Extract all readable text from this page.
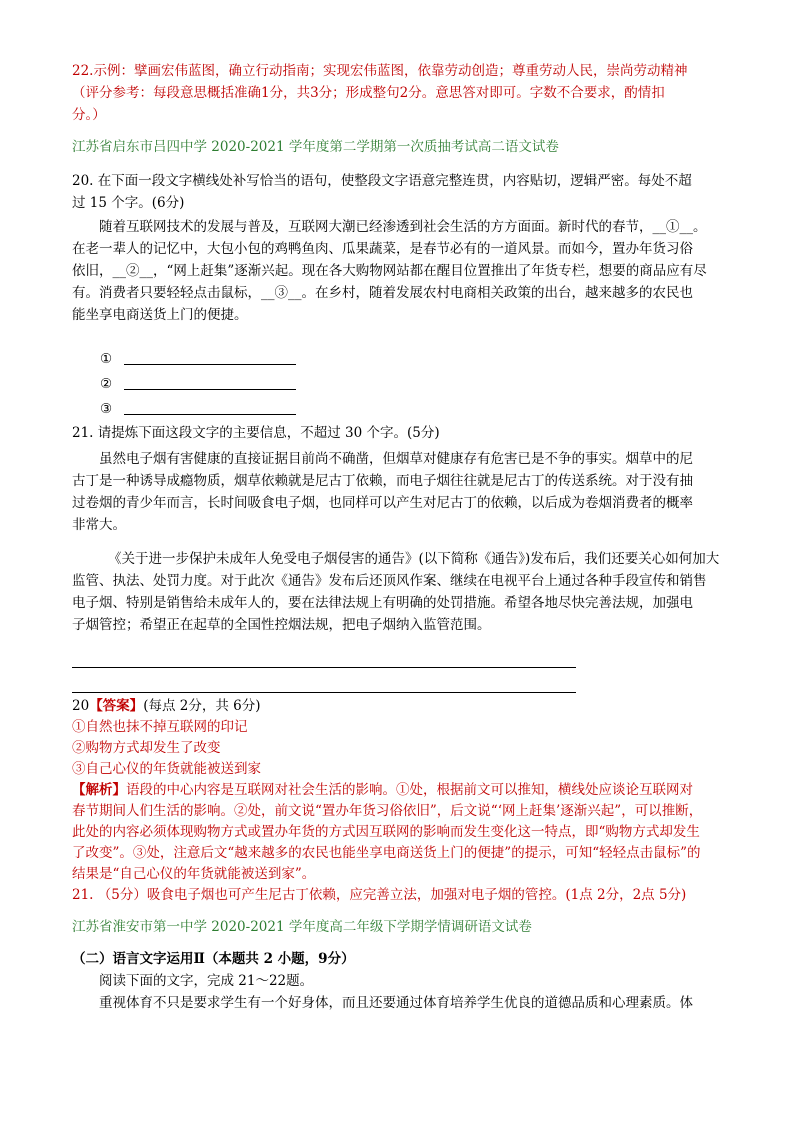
22.示例：擘画宏伟蓝图，确立行动指南；实现宏伟蓝图，依靠劳动创造；尊重劳动人民，崇尚劳动精神
（评分参考：每段意思概括准确1分，共3分；形成整句2分。意思答对即可。字数不合要求，酌情扣
分。）
江苏省启东市吕四中学 2020-2021 学年度第二学期第一次质抽考试高二语文试卷
20. 在下面一段文字横线处补写恰当的语句，使整段文字语意完整连贯，内容贴切，逻辑严密。每处不超
过 15 个字。(6分)
随着互联网技术的发展与普及，互联网大潮已经渗透到社会生活的方方面面。新时代的春节，__①__。
在老一辈人的记忆中，大包小包的鸡鸭鱼肉、瓜果蔬菜，是春节必有的一道风景。而如今，置办年货习俗
依旧，__②__，“网上赶集”逐渐兴起。现在各大购物网站都在醒目位置推出了年货专栏，想要的商品应有尽
有。消费者只要轻轻点击鼠标，__③__。在乡村，随着发展农村电商相关政策的出台，越来越多的农民也
能坐享电商送货上门的便捷。
①
②
③
21. 请提炼下面这段文字的主要信息，不超过 30 个字。(5分)
虽然电子烟有害健康的直接证据目前尚不确凿，但烟草对健康存有危害已是不争的事实。烟草中的尼
古丁是一种诱导成瘾物质，烟草依赖就是尼古丁依赖，而电子烟往往就是尼古丁的传送系统。对于没有抽
过卷烟的青少年而言，长时间吸食电子烟，也同样可以产生对尼古丁的依赖，以后成为卷烟消费者的概率
非常大。
《关于进一步保护未成年人免受电子烟侵害的通告》(以下简称《通告》)发布后，我们还要关心如何加大
监管、执法、处罚力度。对于此次《通告》发布后还顶风作案、继续在电视平台上通过各种手段宣传和销售
电子烟、特别是销售给未成年人的，要在法律法规上有明确的处罚措施。希望各地尽快完善法规，加强电
子烟管控；希望正在起草的全国性控烟法规，把电子烟纳入监管范围。
20【答案】(每点 2分，共 6分)
①自然也抹不掉互联网的印记
②购物方式却发生了改变
③自己心仪的年货就能被送到家
【解析】语段的中心内容是互联网对社会生活的影响。①处，根据前文可以推知，横线处应谈论互联网对
春节期间人们生活的影响。②处，前文说“置办年货习俗依旧”，后文说“‘网上赶集’逐渐兴起”，可以推断，
此处的内容必须体现购物方式或置办年货的方式因互联网的影响而发生变化这一特点，即“购物方式却发生
了改变”。③处，注意后文“越来越多的农民也能坐享电商送货上门的便捷”的提示，可知“轻轻点击鼠标”的
结果是“自己心仪的年货就能被送到家”。
21. （5分）吸食电子烟也可产生尼古丁依赖，应完善立法，加强对电子烟的管控。(1点 2分，2点 5分)
江苏省淮安市第一中学 2020-2021 学年度高二年级下学期学情调研语文试卷
（二）语言文字运用Ⅱ（本题共 2 小题，9分）
阅读下面的文字，完成 21～22题。
重视体育不只是要求学生有一个好身体，而且还要通过体育培养学生优良的道德品质和心理素质。体
